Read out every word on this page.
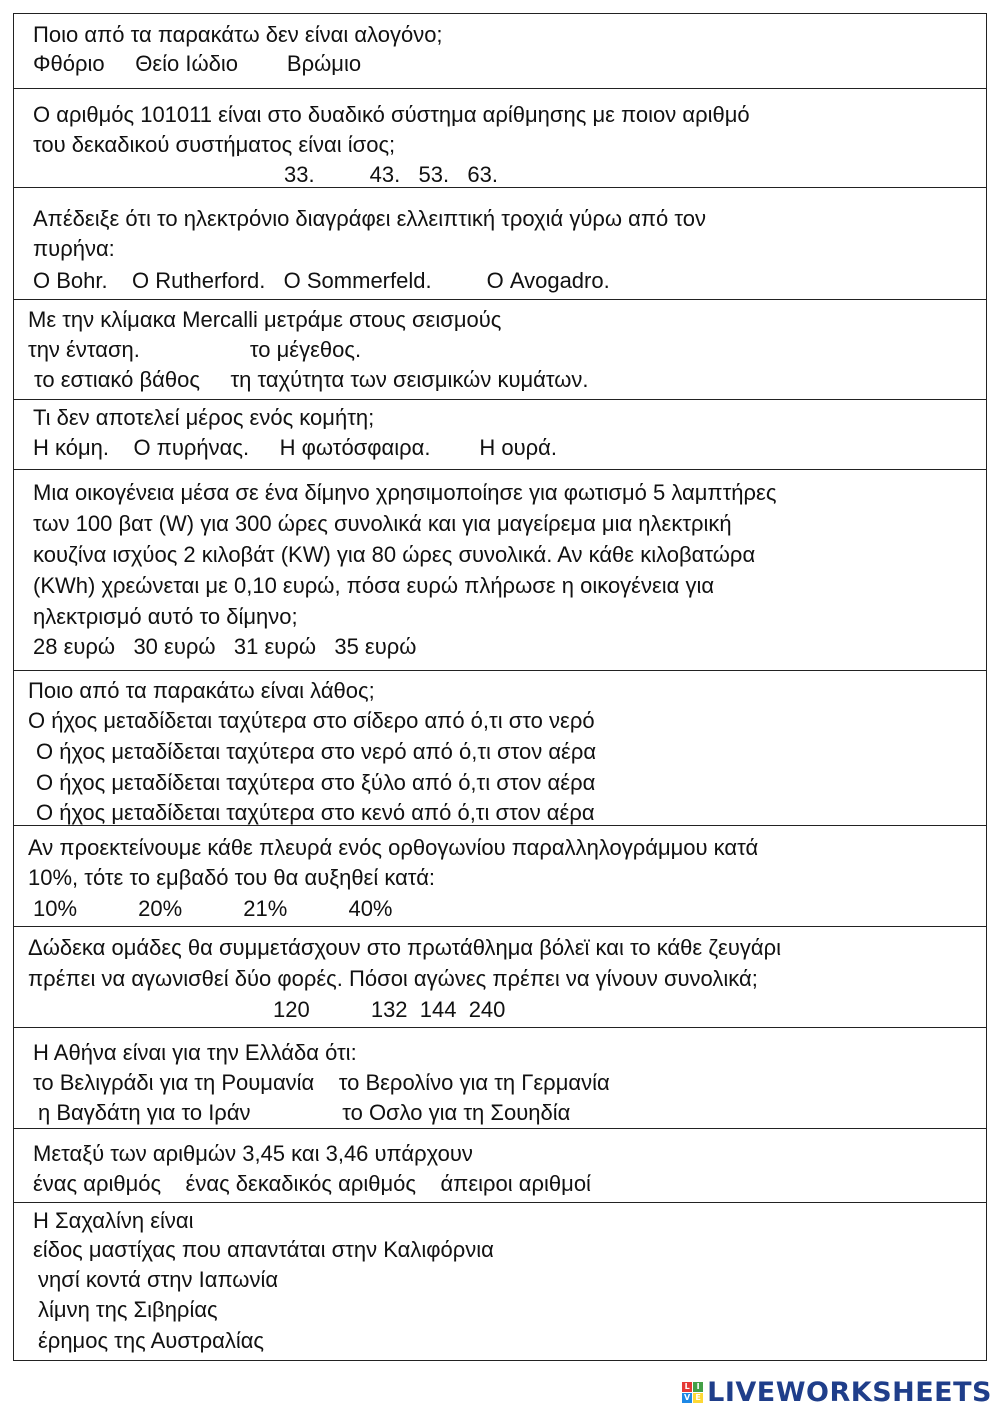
Ποιο από τα παρακάτω δεν είναι αλογόνο;
Φθόριο     Θείο Ιώδιο        Βρώμιο
Ο αριθμός 101011 είναι στο δυαδικό σύστημα αρίθμησης με ποιον αριθμό
του δεκαδικού συστήματος είναι ίσος;
33.         43.   53.   63.
Απέδειξε ότι το ηλεκτρόνιο διαγράφει ελλειπτική τροχιά γύρω από τον
πυρήνα:
Ο Bohr.    Ο Rutherford.   Ο Sommerfeld.         Ο Avogadro.
Με την κλίμακα Mercalli μετράμε στους σεισμούς
την ένταση.                  το μέγεθος.
το εστιακό βάθος     τη ταχύτητα των σεισμικών κυμάτων.
Τι δεν αποτελεί μέρος ενός κομήτη;
Η κόμη.    Ο πυρήνας.     Η φωτόσφαιρα.        Η ουρά.
Μια οικογένεια μέσα σε ένα δίμηνο χρησιμοποίησε για φωτισμό 5 λαμπτήρες
των 100 βατ (W) για 300 ώρες συνολικά και για μαγείρεμα μια ηλεκτρική
κουζίνα ισχύος 2 κιλοβάτ (KW) για 80 ώρες συνολικά. Αν κάθε κιλοβατώρα
(KWh) χρεώνεται με 0,10 ευρώ, πόσα ευρώ πλήρωσε η οικογένεια για
ηλεκτρισμό αυτό το δίμηνο;
28 ευρώ   30 ευρώ   31 ευρώ   35 ευρώ
Ποιο από τα παρακάτω είναι λάθος;
Ο ήχος μεταδίδεται ταχύτερα στο σίδερο από ό,τι στο νερό
Ο ήχος μεταδίδεται ταχύτερα στο νερό από ό,τι στον αέρα
Ο ήχος μεταδίδεται ταχύτερα στο ξύλο από ό,τι στον αέρα
Ο ήχος μεταδίδεται ταχύτερα στο κενό από ό,τι στον αέρα
Αν προεκτείνουμε κάθε πλευρά ενός ορθογωνίου παραλληλογράμμου κατά
10%, τότε το εμβαδό του θα αυξηθεί κατά:
10%          20%          21%          40%
Δώδεκα ομάδες θα συμμετάσχουν στο πρωτάθλημα βόλεϊ και το κάθε ζευγάρι
πρέπει να αγωνισθεί δύο φορές. Πόσοι αγώνες πρέπει να γίνουν συνολικά;
120          132  144  240
Η Αθήνα είναι για την Ελλάδα ότι:
το Βελιγράδι για τη Ρουμανία    το Βερολίνο για τη Γερμανία
η Βαγδάτη για το Ιράν               το Οσλο για τη Σουηδία
Μεταξύ των αριθμών 3,45 και 3,46 υπάρχουν
ένας αριθμός    ένας δεκαδικός αριθμός    άπειροι αριθμοί
Η Σαχαλίνη είναι
είδος μαστίχας που απαντάται στην Καλιφόρνια
νησί κοντά στην Ιαπωνία
λίμνη της Σιβηρίας
έρημος της Αυστραλίας
L I
V E LIVEWORKSHEETS
